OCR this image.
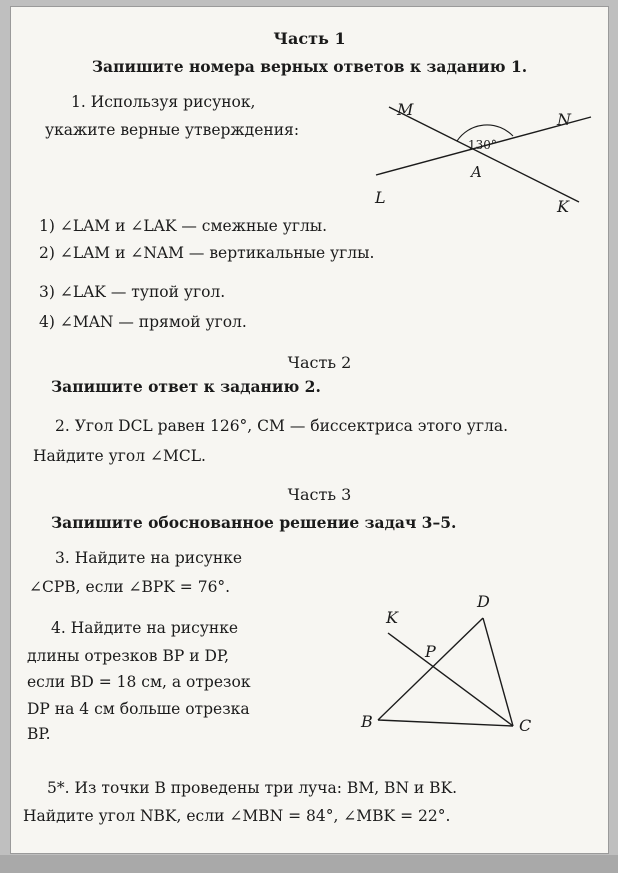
Часть 1
Запишите номера верных ответов к заданию 1.
1. Используя рисунок,
укажите верные утверждения:
M
N
L	K
A
130°
1) ∠LAM и ∠LAK — смежные углы.
2) ∠LAM и ∠NAM — вертикальные углы.
3) ∠LAK — тупой угол.
4) ∠MAN — прямой угол.
Часть 2
Запишите ответ к заданию 2.
2. Угол DCL равен 126°, CM — биссектриса этого угла.
Найдите угол ∠MCL.
Часть 3
Запишите обоснованное решение задач 3–5.
3. Найдите на рисунке
∠CPB, если ∠BPK = 76°.
4. Найдите на рисунке
длины отрезков BP и DP,
если BD = 18 см, а отрезок
DP на 4 см больше отрезка
BP.
K
D
P
B	C
5*. Из точки B проведены три луча: BM, BN и BK.
Найдите угол NBK, если ∠MBN = 84°, ∠MBK = 22°.
